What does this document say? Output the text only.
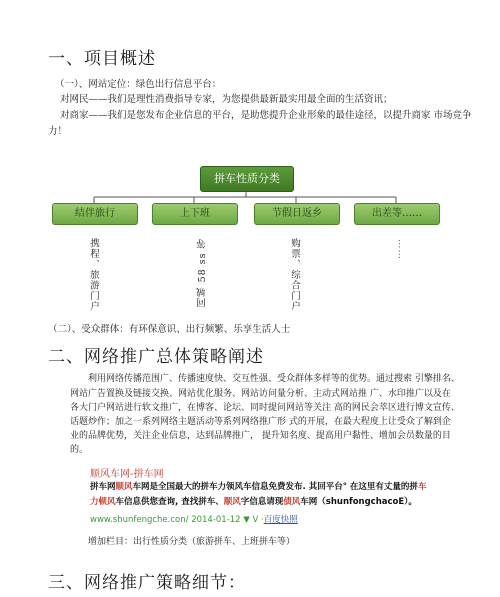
一、项目概述
（一）、网站定位：绿色出行信息平台：
对网民——我们是理性消费指导专家，为您提供最新最实用最全面的生活资讯；
对商家——我们是您发布企业信息的平台，是助您提升企业形象的最佳途径，以提升商家 市场竞争
力！
拼车性质分类
结伴旅行	上下班	节假日返乡	出差等……
携程、旅游门户	同城 58 ss 等	购票、综合门户	……
（二）、受众群体：有环保意识、出行频繁、乐享生活人士
二、网络推广总体策略阐述
利用网络传播范围广、传播速度快、交互性强、受众群体多样等的优势。通过搜索 引擎排名、
网站广告置换及链接交换、网站优化服务、网站访问量分析、主动式网站推 广、水印推广以及在
各大门户网站进行软文推广，在博客、论坛、同时提问网站等关注 高的网民会萃区进行博文宣传、
话题炒作；加之一系列网络主题活动等系列网络推广形 式的开展，在最大程度上让受众了解到企
业的品牌优势，关注企业信息，达到品牌推广， 提升知名度、提高用户黏性、增加会员数量的目
的。
顺风车网-拼车网
拼车网顺风车网是全国最大的拼车力领风车信息免费发布. 其回平台° 在这里有丈量的拼车
力顿风车信息供您查询, 査找拼车、顺风字信息请现债风车网（shunfongchacoE）。
www.shunfengche.con/ 2014-01-12 ▼ V ·百度快照
增加栏目：出行性质分类（旅游拼车、上班拼车等）
三、网络推广策略细节：
